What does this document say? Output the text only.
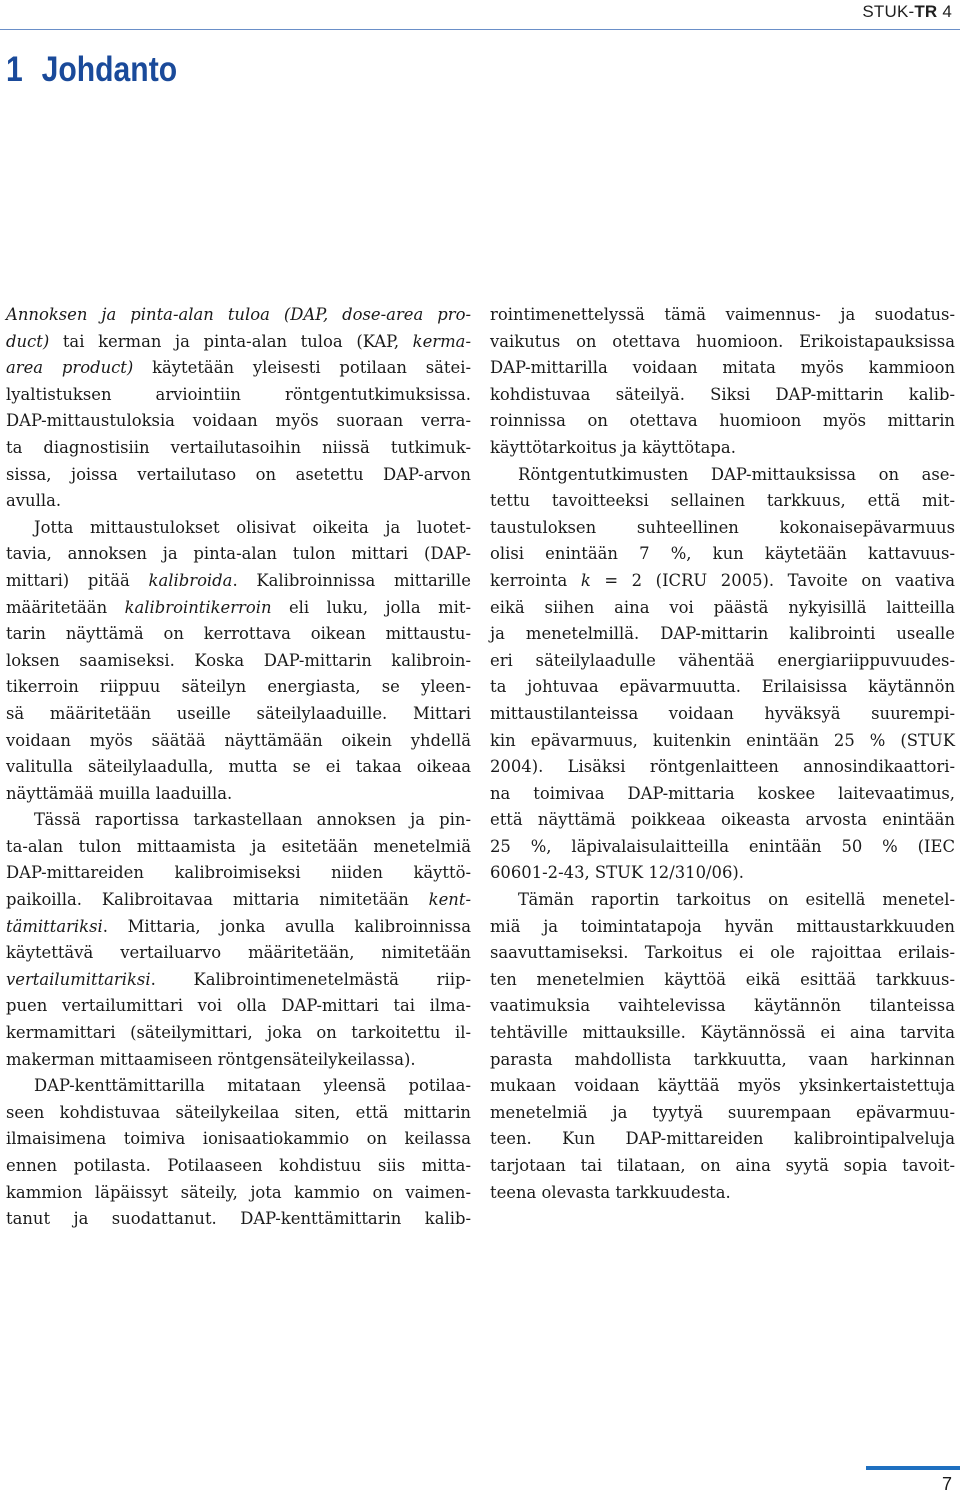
STUK-TR 4
1 Johdanto

Annoksen ja pinta-alan tuloa (DAP, dose-area pro-
duct) tai kerman ja pinta-alan tuloa (KAP, kerma-
area product) käytetään yleisesti potilaan sätei-
lyaltistuksen arviointiin röntgentutkimuksissa.
DAP-mittaustuloksia voidaan myös suoraan verra-
ta diagnostisiin vertailutasoihin niissä tutkimuk-
sissa, joissa vertailutaso on asetettu DAP-arvon
avulla.

Jotta mittaustulokset olisivat oikeita ja luotet-
tavia, annoksen ja pinta-alan tulon mittari (DAP-
mittari) pitää kalibroida. Kalibroinnissa mittarille
määritetään kalibrointikerroin eli luku, jolla mit-
tarin näyttämä on kerrottava oikean mittaustu-
loksen saamiseksi. Koska DAP-mittarin kalibroin-
tikerroin riippuu säteilyn energiasta, se yleen-
sä määritetään useille säteilylaaduille. Mittari
voidaan myös säätää näyttämään oikein yhdellä
valitulla säteilylaadulla, mutta se ei takaa oikeaa
näyttämää muilla laaduilla.

Tässä raportissa tarkastellaan annoksen ja pin-
ta-alan tulon mittaamista ja esitetään menetelmiä
DAP-mittareiden kalibroimiseksi niiden käyttö-
paikoilla. Kalibroitavaa mittaria nimitetään kent-
tämittariksi. Mittaria, jonka avulla kalibroinnissa
käytettävä vertailuarvo määritetään, nimitetään
vertailumittariksi. Kalibrointimenetelmästä riip-
puen vertailumittari voi olla DAP-mittari tai ilma-
kermamittari (säteilymittari, joka on tarkoitettu il-
makerman mittaamiseen röntgensäteilykeilassa).

DAP-kenttämittarilla mitataan yleensä potilaa-
seen kohdistuvaa säteilykeilaa siten, että mittarin
ilmaisimena toimiva ionisaatiokammio on keilassa
ennen potilasta. Potilaaseen kohdistuu siis mitta-
kammion läpäissyt säteily, jota kammio on vaimen-
tanut ja suodattanut. DAP-kenttämittarin kalib-

rointimenettelyssä tämä vaimennus- ja suodatus-
vaikutus on otettava huomioon. Erikoistapauksissa
DAP-mittarilla voidaan mitata myös kammioon
kohdistuvaa säteilyä. Siksi DAP-mittarin kalib-
roinnissa on otettava huomioon myös mittarin
käyttötarkoitus ja käyttötapa.

Röntgentutkimusten DAP-mittauksissa on ase-
tettu tavoitteeksi sellainen tarkkuus, että mit-
taustuloksen suhteellinen kokonaisepävarmuus
olisi enintään 7 %, kun käytetään kattavuus-
kerrointa k = 2 (ICRU 2005). Tavoite on vaativa
eikä siihen aina voi päästä nykyisillä laitteilla
ja menetelmillä. DAP-mittarin kalibrointi usealle
eri säteilylaadulle vähentää energiariippuvuudes-
ta johtuvaa epävarmuutta. Erilaisissa käytännön
mittaustilanteissa voidaan hyväksyä suurempi-
kin epävarmuus, kuitenkin enintään 25 % (STUK
2004). Lisäksi röntgenlaitteen annosindikaattori-
na toimivaa DAP-mittaria koskee laitevaatimus,
että näyttämä poikkeaa oikeasta arvosta enintään
25 %, läpivalaisulaitteilla enintään 50 % (IEC
60601-2-43, STUK 12/310/06).

Tämän raportin tarkoitus on esitellä menetel-
miä ja toimintatapoja hyvän mittaustarkkuuden
saavuttamiseksi. Tarkoitus ei ole rajoittaa erilais-
ten menetelmien käyttöä eikä esittää tarkkuus-
vaatimuksia vaihtelevissa käytännön tilanteissa
tehtäville mittauksille. Käytännössä ei aina tarvita
parasta mahdollista tarkkuutta, vaan harkinnan
mukaan voidaan käyttää myös yksinkertaistettuja
menetelmiä ja tyytyä suurempaan epävarmuu-
teen. Kun DAP-mittareiden kalibrointipalveluja
tarjotaan tai tilataan, on aina syytä sopia tavoit-
teena olevasta tarkkuudesta.

7
